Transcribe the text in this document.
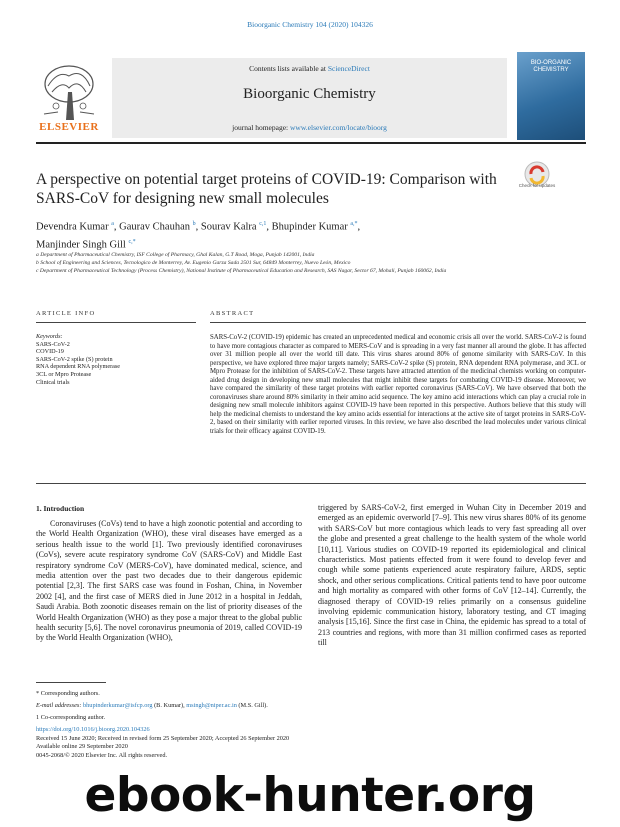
Bioorganic Chemistry 104 (2020) 104326
Contents lists available at ScienceDirect
Bioorganic Chemistry
journal homepage: www.elsevier.com/locate/bioorg
ELSEVIER
BIO-ORGANIC CHEMISTRY
A perspective on potential target proteins of COVID-19: Comparison with SARS-CoV for designing new small molecules
Check for updates
Devendra Kumar $^a$, Gaurav Chauhan $^b$, Sourav Kalra $^{c,1}$, Bhupinder Kumar $^{a,*}$,
Manjinder Singh Gill $^{c,*}$
a Department of Pharmaceutical Chemistry, ISF College of Pharmacy, Ghal Kalan, G.T Road, Moga, Punjab 142001, India
b School of Engineering and Sciences, Tecnologico de Monterrey, Av. Eugenio Garza Sada 2501 Sur, 64849 Monterrey, Nuevo León, Mexico
c Department of Pharmaceutical Technology (Process Chemistry), National Institute of Pharmaceutical Education and Research, SAS Nagar, Sector 67, Mohali, Punjab 160062, India
ARTICLE INFO	ABSTRACT
Keywords:
SARS-CoV-2
COVID-19
SARS-CoV-2 spike (S) protein
RNA dependent RNA polymerase
3CL or Mpro Protease
Clinical trials
SARS-CoV-2 (COVID-19) epidemic has created an unprecedented medical and economic crisis all over the world. SARS-CoV-2 is found to have more contagious character as compared to MERS-CoV and is spreading in a very fast manner all around the globe. It has affected over 31 million people all over the world till date. This virus shares around 80% of genome similarity with SARS-CoV. In this perspective, we have explored three major targets namely; SARS-CoV-2 spike (S) protein, RNA dependent RNA polymerase, and 3CL or Mpro Protease for the inhibition of SARS-CoV-2. These targets have attracted attention of the medicinal chemists working on computer-aided drug design in developing new small molecules that might inhibit these targets for combating COVID-19 disease. Moreover, we have compared the similarity of these target proteins with earlier reported coronavirus (SARS-CoV). We have observed that both the coronaviruses share around 80% similarity in their amino acid sequence. The key amino acid interactions which can play a crucial role in designing new small molecule inhibitors against COVID-19 have been reported in this perspective. Authors believe that this study will help the medicinal chemists to understand the key amino acids essential for interactions at the active site of target proteins in SARS-CoV-2, based on their similarity with earlier reported viruses. In this review, we have also described the lead molecules under various clinical trials for their efficacy against COVID-19.
1. Introduction

Coronaviruses (CoVs) tend to have a high zoonotic potential and according to the World Health Organization (WHO), these viral diseases have emerged as a serious health issue to the world [1]. Two previously identified coronaviruses (CoVs), severe acute respiratory syndrome CoV (SARS-CoV) and Middle East respiratory syndrome CoV (MERS-CoV), have dominated medical, science, and media attention over the past two decades due to their dangerous epidemic potential [2,3]. The first SARS case was found in Foshan, China, in November 2002 [4], and the first case of MERS died in June 2012 in a hospital in Jeddah, Saudi Arabia. Both zoonotic diseases remain on the list of priority diseases of the World Health Organization (WHO) as they pose a major threat to the global public health security [5,6]. The novel coronavirus pneumonia of 2019, called COVID-19 by the World Health Organization (WHO),

triggered by SARS-CoV-2, first emerged in Wuhan City in December 2019 and emerged as an epidemic overworld [7–9]. This new virus shares 80% of its genome with SARS-CoV but more contagious which leads to very fast spreading all over the globe and presented a great challenge to the health system of the whole world [10,11]. Various studies on COVID-19 reported its epidemiological and clinical characteristics. Most patients effected from it were found to develop fever and cough while some patients experienced acute respiratory failure, ARDS, septic shock, and other serious complications. Critical patients tend to have poor outcome and high mortality as compared with other forms of CoV [12–14]. Currently, the diagnosed therapy of COVID-19 relies primarily on a consensus guideline involving epidemic communication history, laboratory testing, and CT imaging analysis [15,16]. Since the first case in China, the epidemic has spread to a total of 213 countries and regions, with more than 31 million confirmed cases as reported till

* Corresponding authors.
E-mail addresses: bhupinderkumar@isfcp.org (B. Kumar), msingh@niper.ac.in (M.S. Gill).
1 Co-corresponding author.
https://doi.org/10.1016/j.bioorg.2020.104326
Received 15 June 2020; Received in revised form 25 September 2020; Accepted 26 September 2020
Available online 29 September 2020
0045-2068/© 2020 Elsevier Inc. All rights reserved.
ebook-hunter.org
